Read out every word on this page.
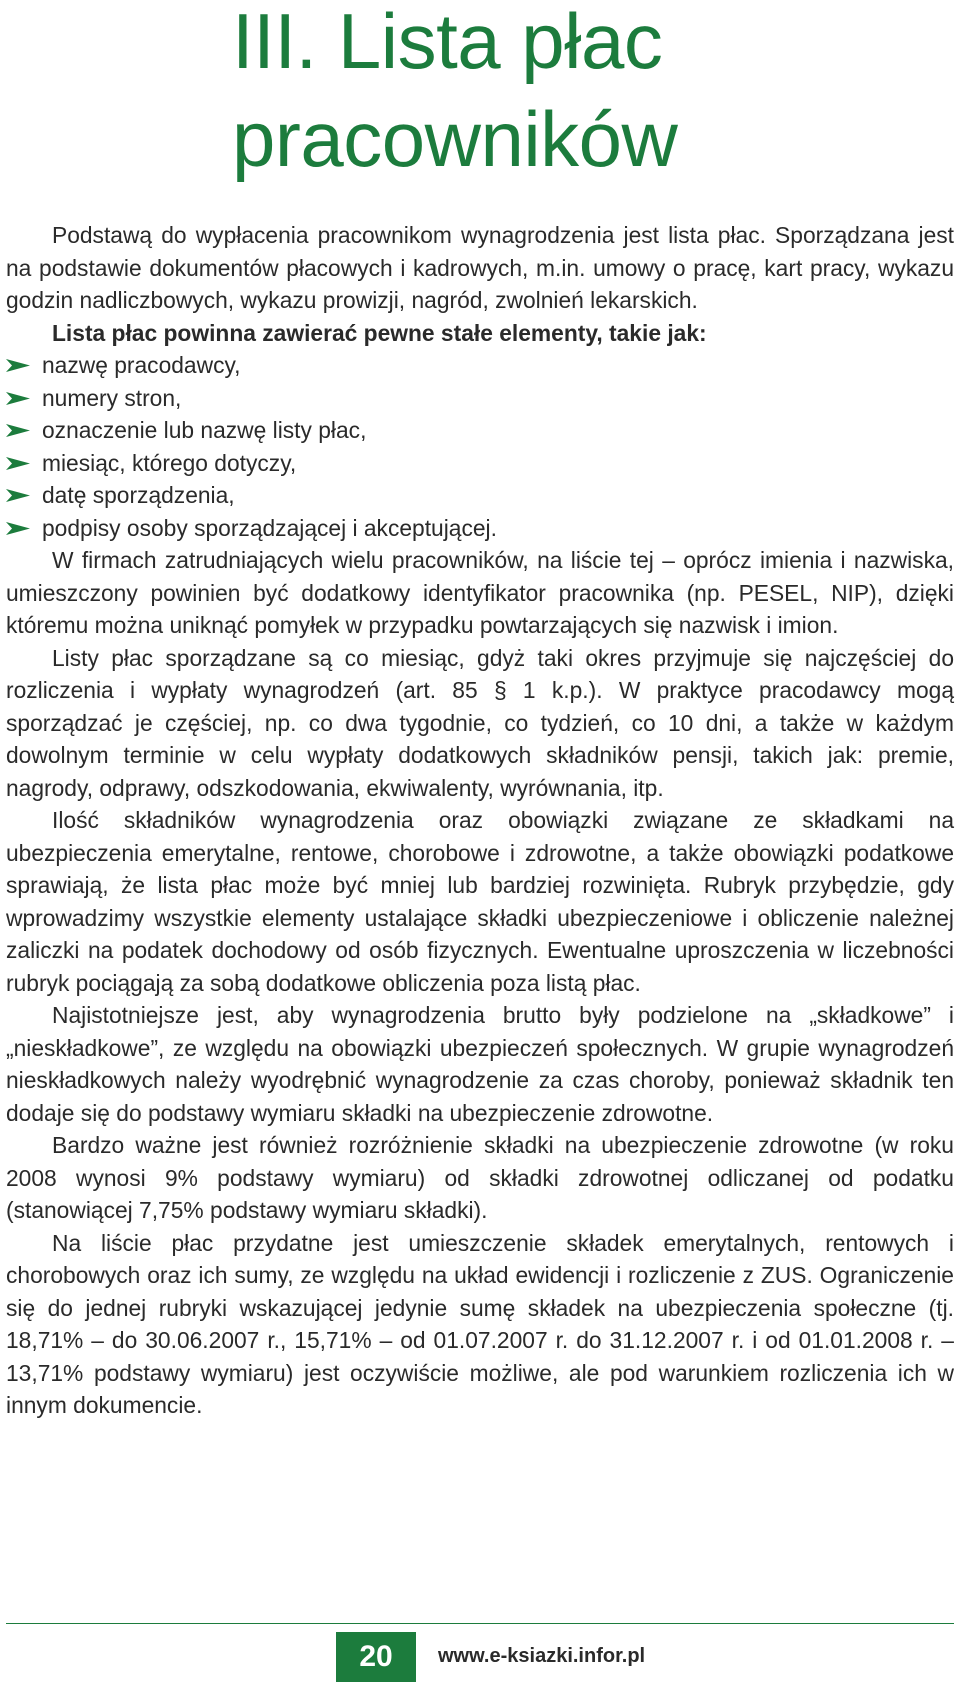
III. Lista płac pracowników

Podstawą do wypłacenia pracownikom wynagrodzenia jest lista płac. Sporządzana jest na podstawie dokumentów płacowych i kadrowych, m.in. umowy o pracę, kart pracy, wykazu godzin nadliczbowych, wykazu prowizji, nagród, zwolnień lekarskich.

Lista płac powinna zawierać pewne stałe elementy, takie jak:
nazwę pracodawcy,
numery stron,
oznaczenie lub nazwę listy płac,
miesiąc, którego dotyczy,
datę sporządzenia,
podpisy osoby sporządzającej i akceptującej.

W firmach zatrudniających wielu pracowników, na liście tej – oprócz imienia i nazwiska, umieszczony powinien być dodatkowy identyfikator pracownika (np. PESEL, NIP), dzięki któremu można uniknąć pomyłek w przypadku powtarzających się nazwisk i imion.

Listy płac sporządzane są co miesiąc, gdyż taki okres przyjmuje się najczęściej do rozliczenia i wypłaty wynagrodzeń (art. 85 § 1 k.p.). W praktyce pracodawcy mogą sporządzać je częściej, np. co dwa tygodnie, co tydzień, co 10 dni, a także w każdym dowolnym terminie w celu wypłaty dodatkowych składników pensji, takich jak: premie, nagrody, odprawy, odszkodowania, ekwiwalenty, wyrównania, itp.

Ilość składników wynagrodzenia oraz obowiązki związane ze składkami na ubezpieczenia emerytalne, rentowe, chorobowe i zdrowotne, a także obowiązki podatkowe sprawiają, że lista płac może być mniej lub bardziej rozwinięta. Rubryk przybędzie, gdy wprowadzimy wszystkie elementy ustalające składki ubezpieczeniowe i obliczenie należnej zaliczki na podatek dochodowy od osób fizycznych. Ewentualne uproszczenia w liczebności rubryk pociągają za sobą dodatkowe obliczenia poza listą płac.

Najistotniejsze jest, aby wynagrodzenia brutto były podzielone na „składkowe” i „nieskładkowe”, ze względu na obowiązki ubezpieczeń społecznych. W grupie wynagrodzeń nieskładkowych należy wyodrębnić wynagrodzenie za czas choroby, ponieważ składnik ten dodaje się do podstawy wymiaru składki na ubezpieczenie zdrowotne.

Bardzo ważne jest również rozróżnienie składki na ubezpieczenie zdrowotne (w roku 2008 wynosi 9% podstawy wymiaru) od składki zdrowotnej odliczanej od podatku (stanowiącej 7,75% podstawy wymiaru składki).

Na liście płac przydatne jest umieszczenie składek emerytalnych, rentowych i chorobowych oraz ich sumy, ze względu na układ ewidencji i rozliczenie z ZUS. Ograniczenie się do jednej rubryki wskazującej jedynie sumę składek na ubezpieczenia społeczne (tj. 18,71% – do 30.06.2007 r., 15,71% – od 01.07.2007 r. do 31.12.2007 r. i od 01.01.2008 r. – 13,71% podstawy wymiaru) jest oczywiście możliwe, ale pod warunkiem rozliczenia ich w innym dokumencie.

20	www.e-ksiazki.infor.pl
